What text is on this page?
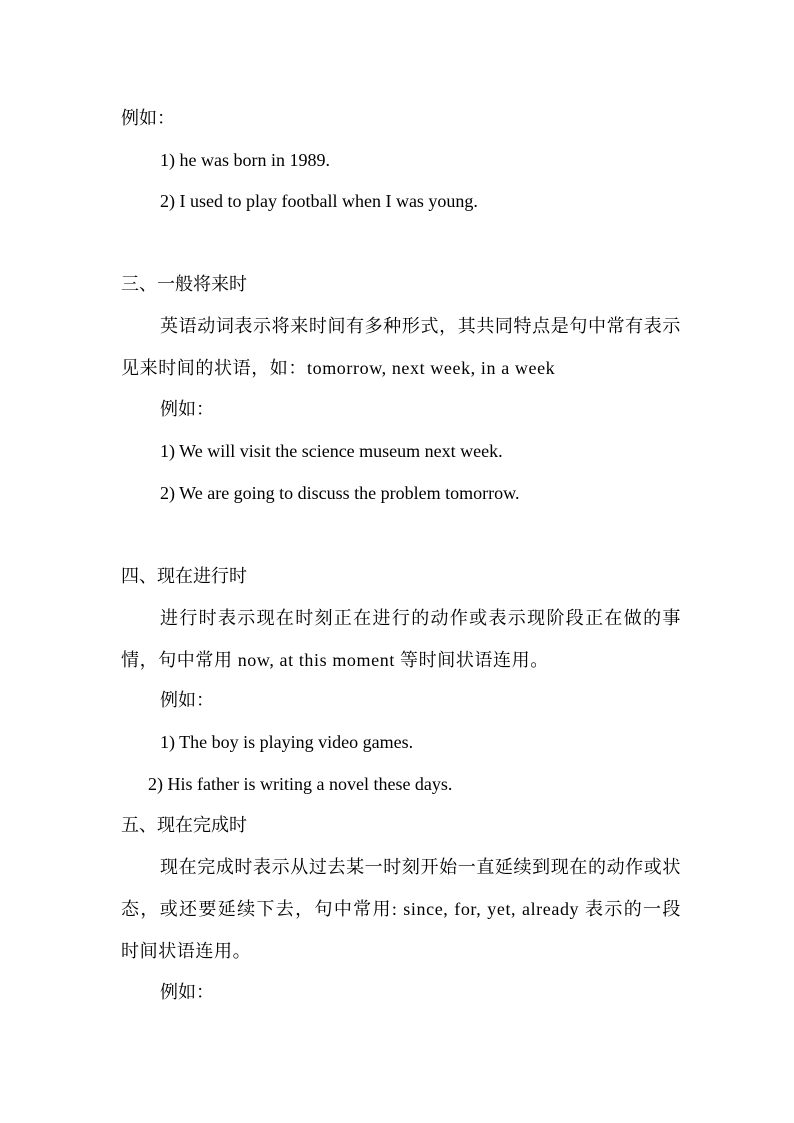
例如：
1) he was born in 1989.
2) I used to play football when I was young.
三、一般将来时
英语动词表示将来时间有多种形式，其共同特点是句中常有表示见来时间的状语，如：tomorrow, next week, in a week
例如：
1) We will visit the science museum next week.
2) We are going to discuss the problem tomorrow.
四、现在进行时
进行时表示现在时刻正在进行的动作或表示现阶段正在做的事情，句中常用 now, at this moment 等时间状语连用。
例如：
1) The boy is playing video games.
2) His father is writing a novel these days.
五、现在完成时
现在完成时表示从过去某一时刻开始一直延续到现在的动作或状态，或还要延续下去，句中常用: since, for, yet, already 表示的一段时间状语连用。
例如：
